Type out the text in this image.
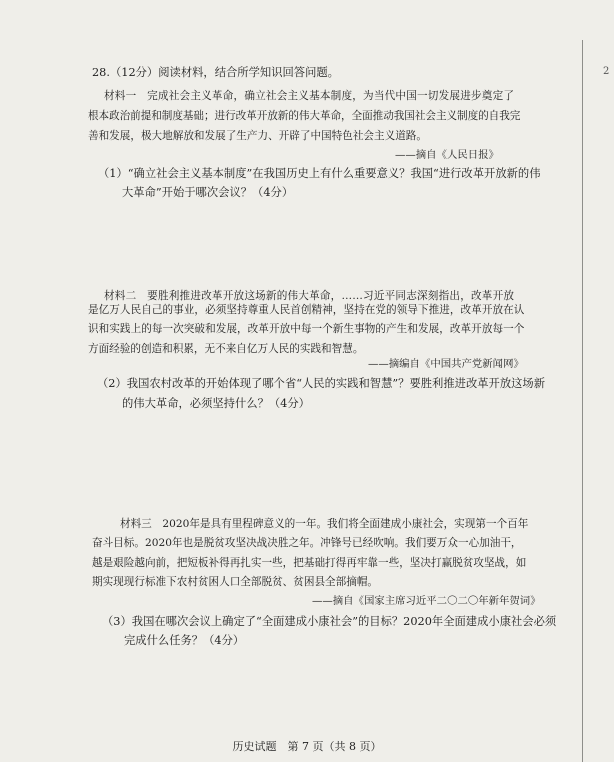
2
28.（12分）阅读材料，结合所学知识回答问题。
材料一　完成社会主义革命，确立社会主义基本制度，为当代中国一切发展进步奠定了
根本政治前提和制度基础；进行改革开放新的伟大革命，全面推动我国社会主义制度的自我完
善和发展，极大地解放和发展了生产力、开辟了中国特色社会主义道路。
——摘自《人民日报》
（1）“确立社会主义基本制度”在我国历史上有什么重要意义？我国“进行改革开放新的伟
大革命”开始于哪次会议？（4分）
材料二　要胜利推进改革开放这场新的伟大革命，……习近平同志深刻指出，改革开放
是亿万人民自己的事业，必须坚持尊重人民首创精神，坚持在党的领导下推进，改革开放在认
识和实践上的每一次突破和发展，改革开放中每一个新生事物的产生和发展，改革开放每一个
方面经验的创造和积累，无不来自亿万人民的实践和智慧。
——摘编自《中国共产党新闻网》
（2）我国农村改革的开始体现了哪个省“人民的实践和智慧”？要胜利推进改革开放这场新
的伟大革命，必须坚持什么？（4分）
材料三　2020年是具有里程碑意义的一年。我们将全面建成小康社会，实现第一个百年
奋斗目标。2020年也是脱贫攻坚决战决胜之年。冲锋号已经吹响。我们要万众一心加油干，
越是艰险越向前，把短板补得再扎实一些，把基础打得再牢靠一些，坚决打赢脱贫攻坚战，如
期实现现行标准下农村贫困人口全部脱贫、贫困县全部摘帽。
——摘自《国家主席习近平二〇二〇年新年贺词》
（3）我国在哪次会议上确定了“全面建成小康社会”的目标？2020年全面建成小康社会必须
完成什么任务？（4分）
历史试题　第 7 页（共 8 页）
